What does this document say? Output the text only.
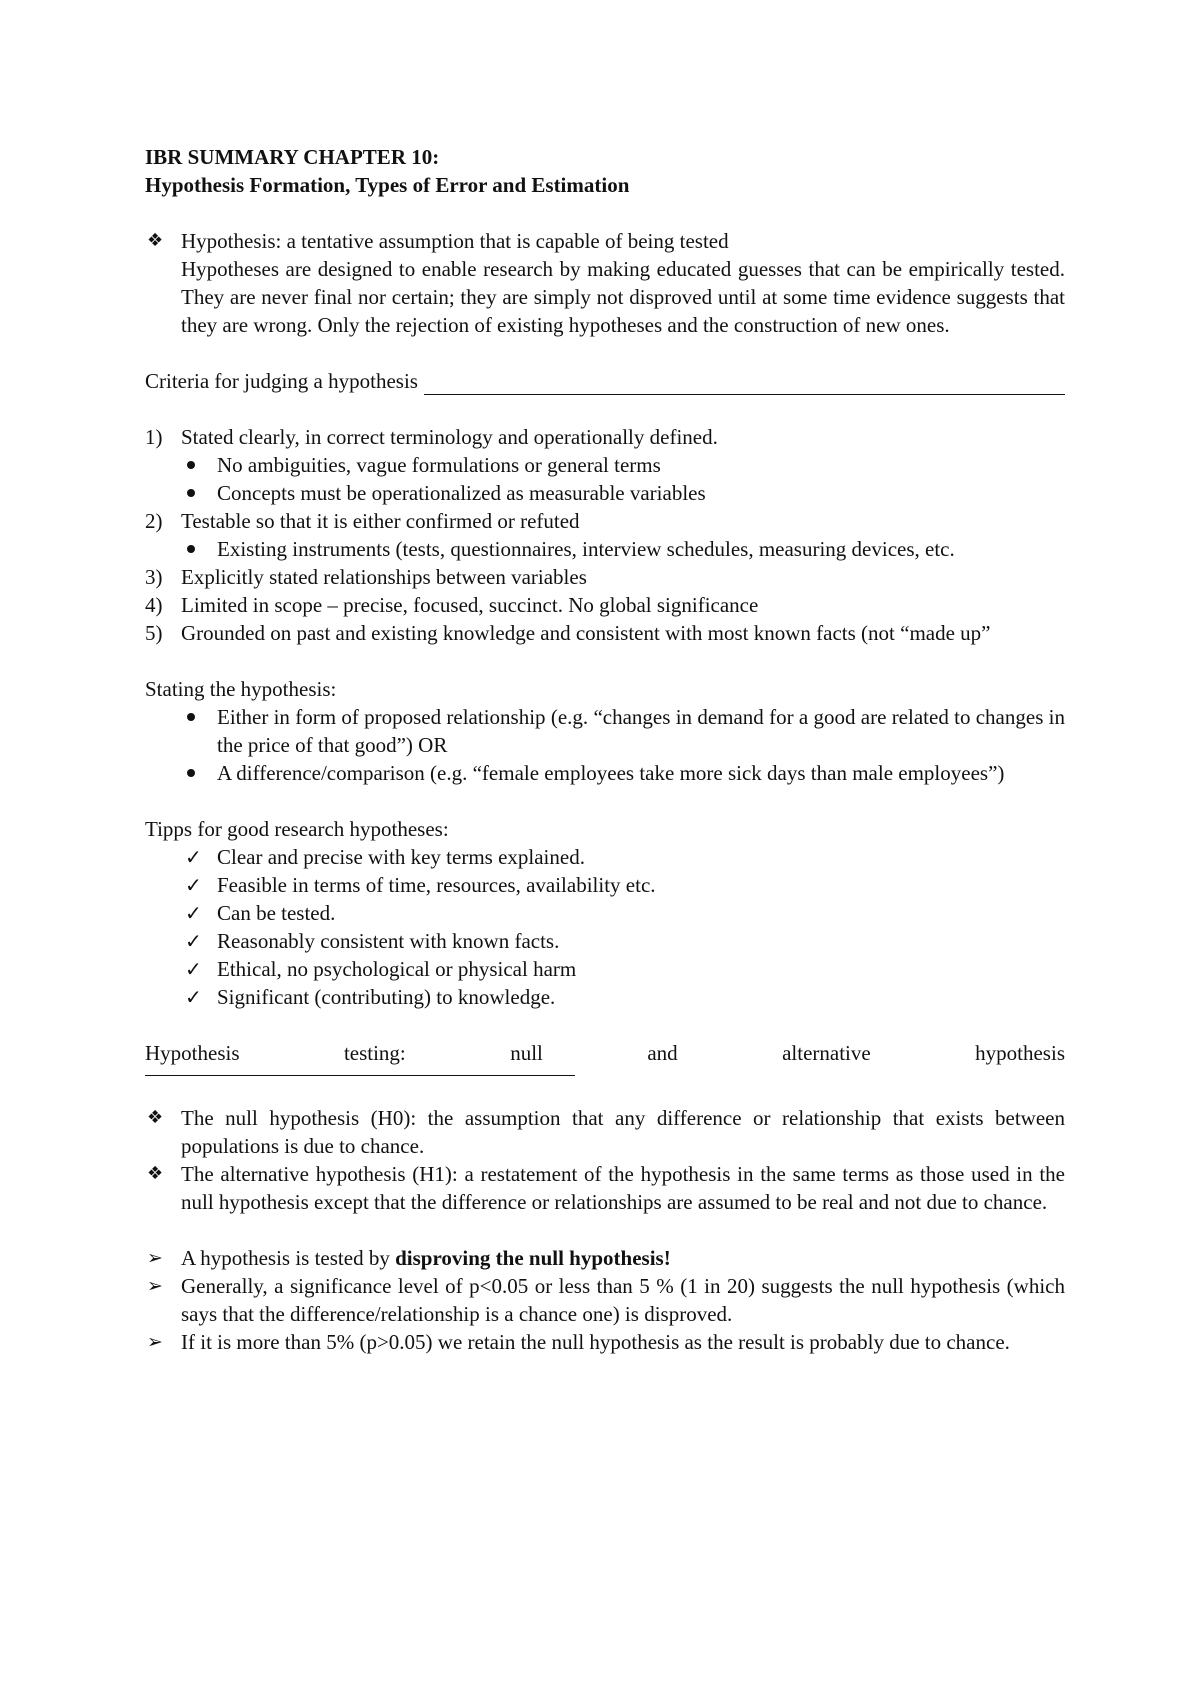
IBR SUMMARY CHAPTER 10:

Hypothesis Formation, Types of Error and Estimation

❖ Hypothesis: a tentative assumption that is capable of being tested

Hypotheses are designed to enable research by making educated guesses that can be empirically tested. They are never final nor certain; they are simply not disproved until at some time evidence suggests that they are wrong. Only the rejection of existing hypotheses and the construction of new ones.

Criteria for judging a hypothesis
1) Stated clearly, in correct terminology and operationally defined.
No ambiguities, vague formulations or general terms
Concepts must be operationalized as measurable variables
2) Testable so that it is either confirmed or refuted
Existing instruments (tests, questionnaires, interview schedules, measuring devices, etc.
3) Explicitly stated relationships between variables
4) Limited in scope – precise, focused, succinct. No global significance
5) Grounded on past and existing knowledge and consistent with most known facts (not “made up”

Stating the hypothesis:

Either in form of proposed relationship (e.g. “changes in demand for a good are related to changes in the price of that good”) OR
A difference/comparison (e.g. “female employees take more sick days than male employees”)

Tipps for good research hypotheses:

✓ Clear and precise with key terms explained.
✓ Feasible in terms of time, resources, availability etc.
✓ Can be tested.
✓ Reasonably consistent with known facts.
✓ Ethical, no psychological or physical harm
✓ Significant (contributing) to knowledge.
Hypothesis	testing:	null	and	alternative	hypothesis
❖ The null hypothesis (H0): the assumption that any difference or relationship that exists between populations is due to chance.
❖ The alternative hypothesis (H1): a restatement of the hypothesis in the same terms as those used in the null hypothesis except that the difference or relationships are assumed to be real and not due to chance.
➢ A hypothesis is tested by disproving the null hypothesis!
➢ Generally, a significance level of p<0.05 or less than 5 % (1 in 20) suggests the null hypothesis (which says that the difference/relationship is a chance one) is disproved.
➢ If it is more than 5% (p>0.05) we retain the null hypothesis as the result is probably due to chance.
